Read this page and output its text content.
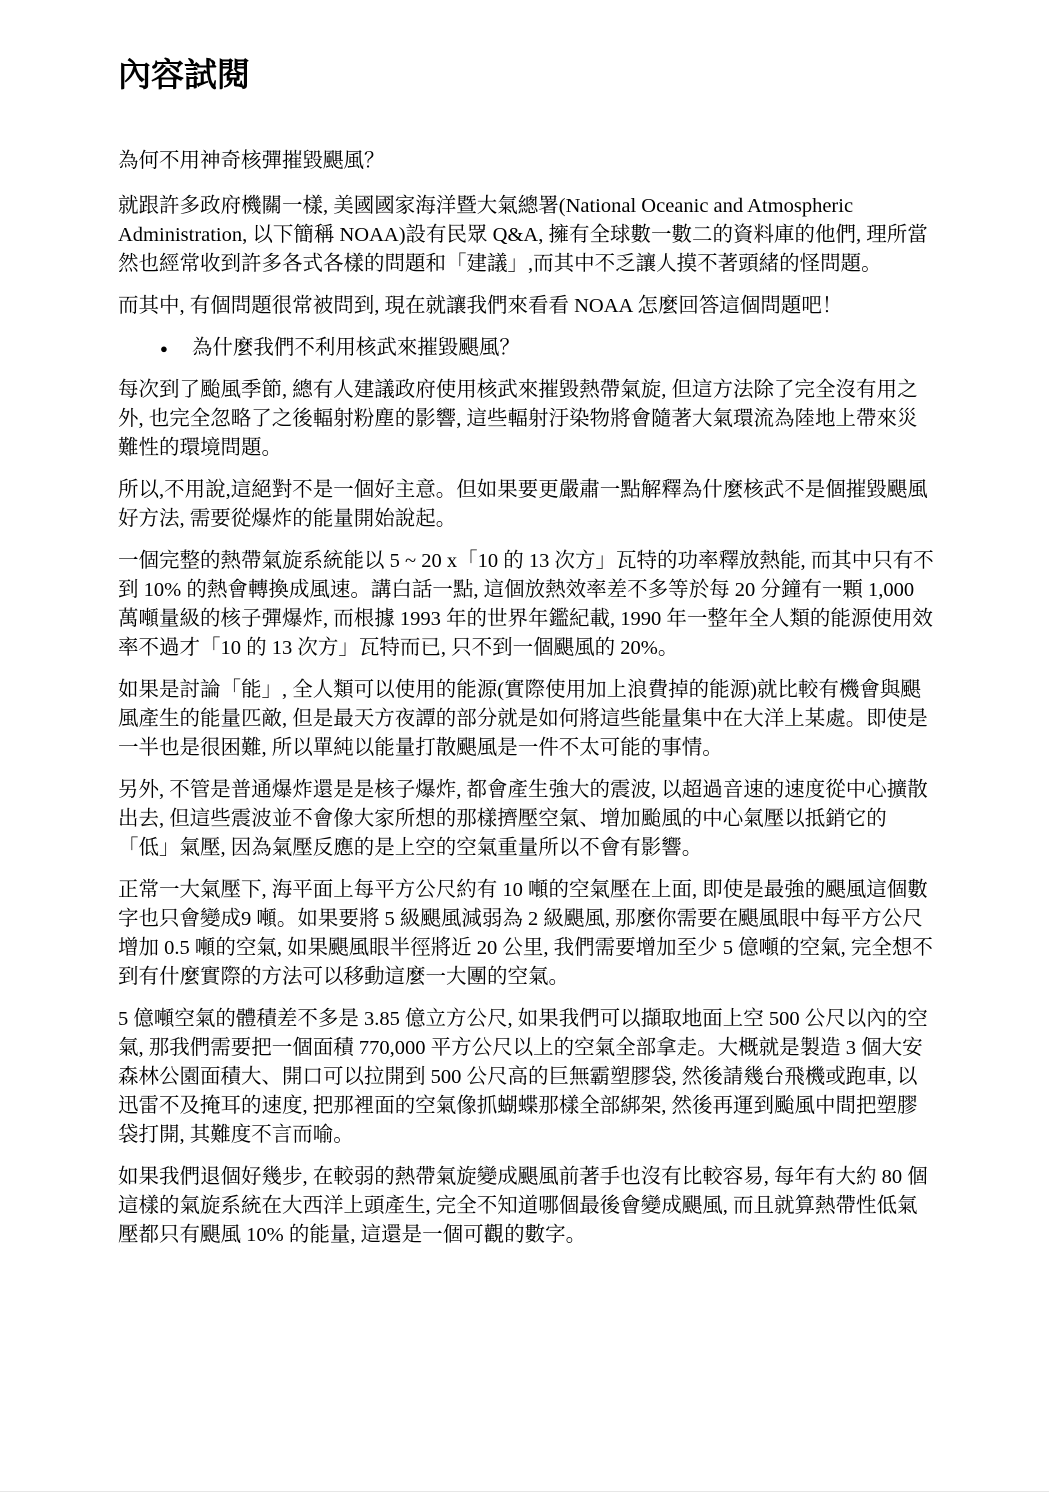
內容試閱

為何不用神奇核彈摧毀颶風？

就跟許多政府機關一樣, 美國國家海洋暨大氣總署(National Oceanic and Atmospheric Administration, 以下簡稱 NOAA)設有民眾 Q&A, 擁有全球數一數二的資料庫的他們, 理所當然也經常收到許多各式各樣的問題和「建議」,而其中不乏讓人摸不著頭緒的怪問題。

而其中, 有個問題很常被問到, 現在就讓我們來看看 NOAA 怎麼回答這個問題吧！

● 為什麼我們不利用核武來摧毀颶風？

每次到了颱風季節, 總有人建議政府使用核武來摧毀熱帶氣旋, 但這方法除了完全沒有用之外, 也完全忽略了之後輻射粉塵的影響, 這些輻射汙染物將會隨著大氣環流為陸地上帶來災難性的環境問題。

所以,不用說,這絕對不是一個好主意。但如果要更嚴肅一點解釋為什麼核武不是個摧毀颶風好方法, 需要從爆炸的能量開始說起。

一個完整的熱帶氣旋系統能以 5 ~ 20 x「10 的 13 次方」瓦特的功率釋放熱能, 而其中只有不到 10% 的熱會轉換成風速。講白話一點, 這個放熱效率差不多等於每 20 分鐘有一顆 1,000 萬噸量級的核子彈爆炸, 而根據 1993 年的世界年鑑紀載, 1990 年一整年全人類的能源使用效率不過才「10 的 13 次方」瓦特而已, 只不到一個颶風的 20%。

如果是討論「能」, 全人類可以使用的能源(實際使用加上浪費掉的能源)就比較有機會與颶風產生的能量匹敵, 但是最天方夜譚的部分就是如何將這些能量集中在大洋上某處。即使是一半也是很困難, 所以單純以能量打散颶風是一件不太可能的事情。

另外, 不管是普通爆炸還是是核子爆炸, 都會產生強大的震波, 以超過音速的速度從中心擴散出去, 但這些震波並不會像大家所想的那樣擠壓空氣、增加颱風的中心氣壓以抵銷它的「低」氣壓, 因為氣壓反應的是上空的空氣重量所以不會有影響。

正常一大氣壓下, 海平面上每平方公尺約有 10 噸的空氣壓在上面, 即使是最強的颶風這個數字也只會變成9 噸。如果要將 5 級颶風減弱為 2 級颶風, 那麼你需要在颶風眼中每平方公尺增加 0.5 噸的空氣, 如果颶風眼半徑將近 20 公里, 我們需要增加至少 5 億噸的空氣, 完全想不到有什麼實際的方法可以移動這麼一大團的空氣。

5 億噸空氣的體積差不多是 3.85 億立方公尺, 如果我們可以擷取地面上空 500 公尺以內的空氣, 那我們需要把一個面積 770,000 平方公尺以上的空氣全部拿走。大概就是製造 3 個大安森林公園面積大、開口可以拉開到 500 公尺高的巨無霸塑膠袋, 然後請幾台飛機或跑車, 以迅雷不及掩耳的速度, 把那裡面的空氣像抓蝴蝶那樣全部綁架, 然後再運到颱風中間把塑膠袋打開, 其難度不言而喻。

如果我們退個好幾步, 在較弱的熱帶氣旋變成颶風前著手也沒有比較容易, 每年有大約 80 個這樣的氣旋系統在大西洋上頭產生, 完全不知道哪個最後會變成颶風, 而且就算熱帶性低氣壓都只有颶風 10% 的能量, 這還是一個可觀的數字。
